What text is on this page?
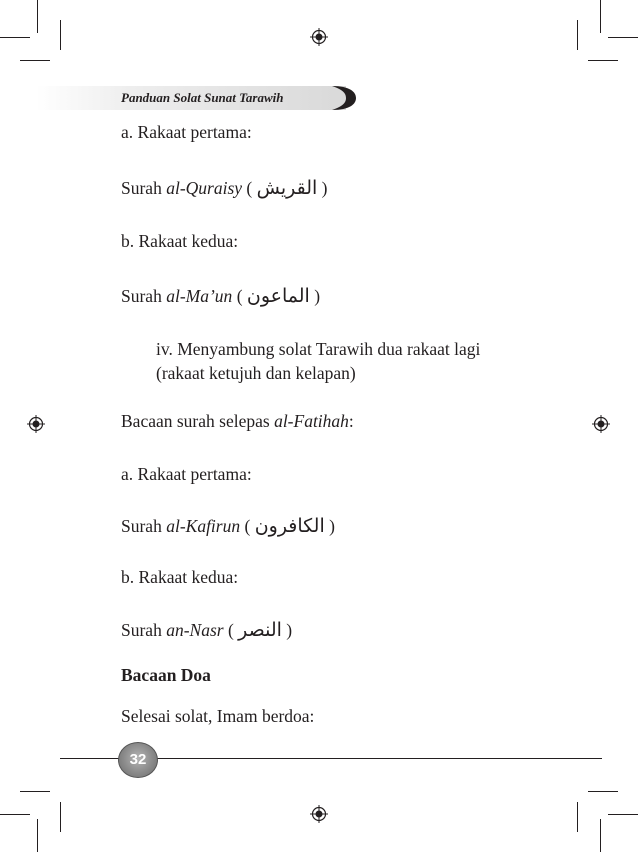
Panduan Solat Sunat Tarawih
a. Rakaat pertama:
Surah al-Quraisy ( القريش )
b. Rakaat kedua:
Surah al-Ma’un ( الماعون )
iv. Menyambung solat Tarawih dua rakaat lagi
(rakaat ketujuh dan kelapan)
Bacaan surah selepas al-Fatihah:
a. Rakaat pertama:
Surah al-Kafirun ( الكافرون )
b. Rakaat kedua:
Surah an-Nasr ( النصر )
Bacaan Doa
Selesai solat, Imam berdoa:
32
